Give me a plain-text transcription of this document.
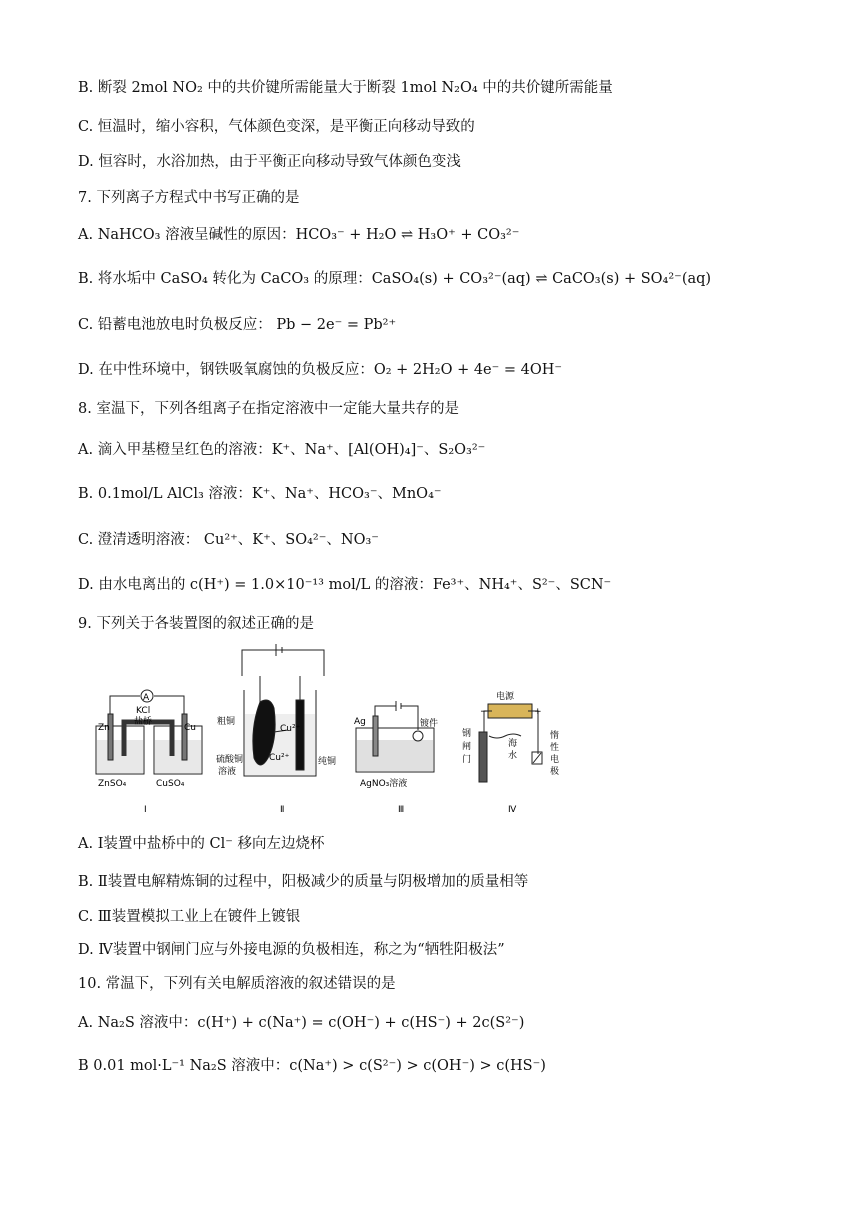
B. 断裂 2mol NO₂ 中的共价键所需能量大于断裂 1mol N₂O₄ 中的共价键所需能量
C. 恒温时，缩小容积，气体颜色变深，是平衡正向移动导致的
D. 恒容时，水浴加热，由于平衡正向移动导致气体颜色变浅
7. 下列离子方程式中书写正确的是
A. NaHCO₃ 溶液呈碱性的原因：HCO₃⁻ + H₂O ⇌ H₃O⁺ + CO₃²⁻
B. 将水垢中 CaSO₄ 转化为 CaCO₃ 的原理：CaSO₄(s) + CO₃²⁻(aq) ⇌ CaCO₃(s) + SO₄²⁻(aq)
C. 铅蓄电池放电时负极反应： Pb − 2e⁻ = Pb²⁺
D. 在中性环境中，钢铁吸氧腐蚀的负极反应：O₂ + 2H₂O + 4e⁻ = 4OH⁻
8. 室温下，下列各组离子在指定溶液中一定能大量共存的是
A. 滴入甲基橙呈红色的溶液：K⁺、Na⁺、[Al(OH)₄]⁻、S₂O₃²⁻
B. 0.1mol/L AlCl₃ 溶液：K⁺、Na⁺、HCO₃⁻、MnO₄⁻
C. 澄清透明溶液： Cu²⁺、K⁺、SO₄²⁻、NO₃⁻
D. 由水电离出的 c(H⁺) = 1.0×10⁻¹³ mol/L 的溶液：Fe³⁺、NH₄⁺、S²⁻、SCN⁻
9. 下列关于各装置图的叙述正确的是
A
KCl
盐桥
Zn	Cu
ZnSO₄	CuSO₄
Ⅰ
粗铜
Cu²⁺
Cu²⁺	纯铜
硫酸铜
溶液
Ⅱ
Ag	镀件
AgNO₃溶液
Ⅲ
电源
−	+
钢
闸
门
海
水
惰
性
电
极
Ⅳ
A. Ⅰ装置中盐桥中的 Cl⁻ 移向左边烧杯
B. Ⅱ装置电解精炼铜的过程中，阳极减少的质量与阴极增加的质量相等
C. Ⅲ装置模拟工业上在镀件上镀银
D. Ⅳ装置中钢闸门应与外接电源的负极相连，称之为“牺牲阳极法”
10. 常温下，下列有关电解质溶液的叙述错误的是
A. Na₂S 溶液中：c(H⁺) + c(Na⁺) = c(OH⁻) + c(HS⁻) + 2c(S²⁻)
B 0.01 mol·L⁻¹ Na₂S 溶液中：c(Na⁺) > c(S²⁻) > c(OH⁻) > c(HS⁻)
